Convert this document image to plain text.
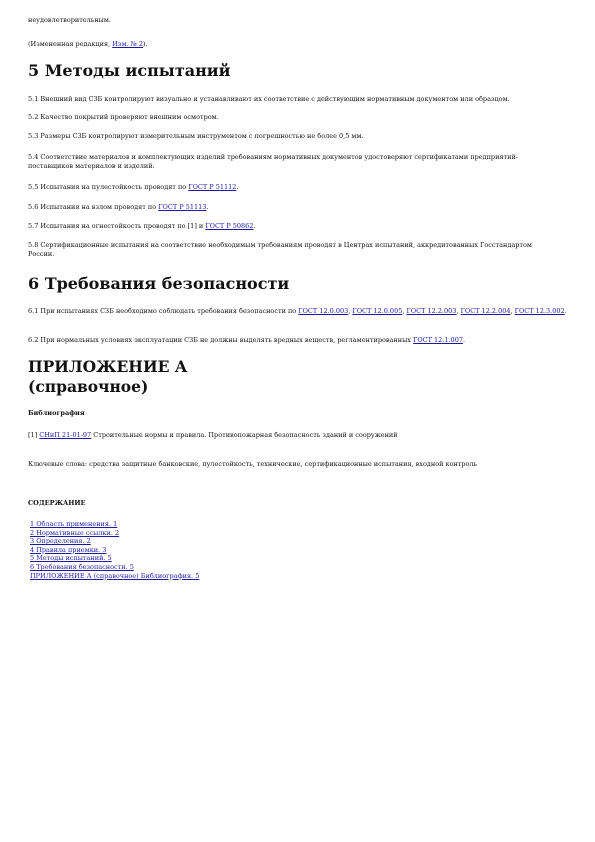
неудовлетворительным.

(Измененная редакция, Изм. № 2).

5 Методы испытаний

5.1 Внешний вид СЗБ контролируют визуально и устанавливают их соответствие с действующим нормативным документом или образцом.

5.2 Качество покрытий проверяют внешним осмотром.

5.3 Размеры СЗБ контролируют измерительным инструментом с погрешностью не более 0,5 мм.

5.4 Соответствие материалов и комплектующих изделий требованиям нормативных документов удостоверяют сертификатами предприятий-поставщиков материалов и изделий.

5.5 Испытания на пулестойкость проводят по ГОСТ Р 51112.

5.6 Испытания на взлом проводят по ГОСТ Р 51113.

5.7 Испытания на огнестойкость проводят по [1] и ГОСТ Р 50862.

5.8 Сертификационные испытания на соответствие необходимым требованиям проводят в Центрах испытаний, аккредитованных Госстандартом России.

6 Требования безопасности

6.1 При испытаниях СЗБ необходимо соблюдать требования безопасности по ГОСТ 12.0.003, ГОСТ 12.0.005, ГОСТ 12.2.003, ГОСТ 12.2.004, ГОСТ 12.3.002.

6.2 При нормальных условиях эксплуатации СЗБ не должны выделять вредных веществ, регламентированных ГОСТ 12.1.007.

ПРИЛОЖЕНИЕ А
(справочное)

Библиография

[1] СНиП 21-01-97 Строительные нормы и правила. Противопожарная безопасность зданий и сооружений

Ключевые слова: средства защитные банковские, пулестойкость, технические, сертификационные испытания, входной контроль

СОДЕРЖАНИЕ

1 Область применения. 1
2 Нормативные ссылки. 2
3 Определения. 2
4 Правила приемки. 3
5 Методы испытаний. 5
6 Требования безопасности. 5
ПРИЛОЖЕНИЕ А (справочное) Библиография. 5
